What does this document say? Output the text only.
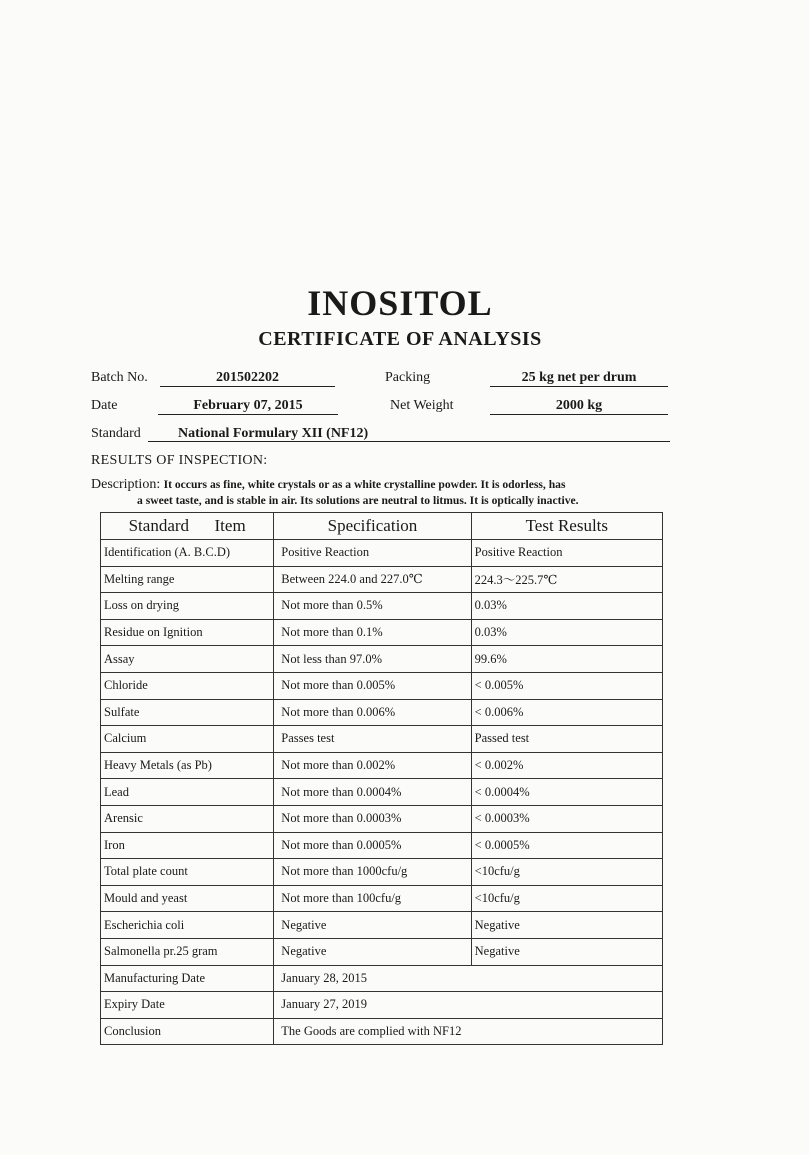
INOSITOL
CERTIFICATE OF ANALYSIS
Batch No.	201502202	Packing	25 kg net per drum
Date	February 07, 2015	Net Weight	2000 kg
Standard	National Formulary XII (NF12)
RESULTS OF INSPECTION:
Description: It occurs as fine, white crystals or as a white crystalline powder. It is odorless, has
a sweet taste, and is stable in air. Its solutions are neutral to litmus. It is optically inactive.
Standard      Item	Specification	Test Results
Identification (A. B.C.D)	Positive Reaction	Positive Reaction
Melting range	Between 224.0 and 227.0℃	224.3～225.7℃
Loss on drying	Not more than 0.5%	0.03%
Residue on Ignition	Not more than 0.1%	0.03%
Assay	Not less than 97.0%	99.6%
Chloride	Not more than 0.005%	< 0.005%
Sulfate	Not more than 0.006%	< 0.006%
Calcium	Passes test	Passed test
Heavy Metals (as Pb)	Not more than 0.002%	< 0.002%
Lead	Not more than 0.0004%	< 0.0004%
Arensic	Not more than 0.0003%	< 0.0003%
Iron	Not more than 0.0005%	< 0.0005%
Total plate count	Not more than 1000cfu/g	<10cfu/g
Mould and yeast	Not more than 100cfu/g	<10cfu/g
Escherichia coli	Negative	Negative
Salmonella pr.25 gram	Negative	Negative
Manufacturing Date	January 28, 2015	
Expiry Date	January 27, 2019	
Conclusion	The Goods are complied with NF12	
